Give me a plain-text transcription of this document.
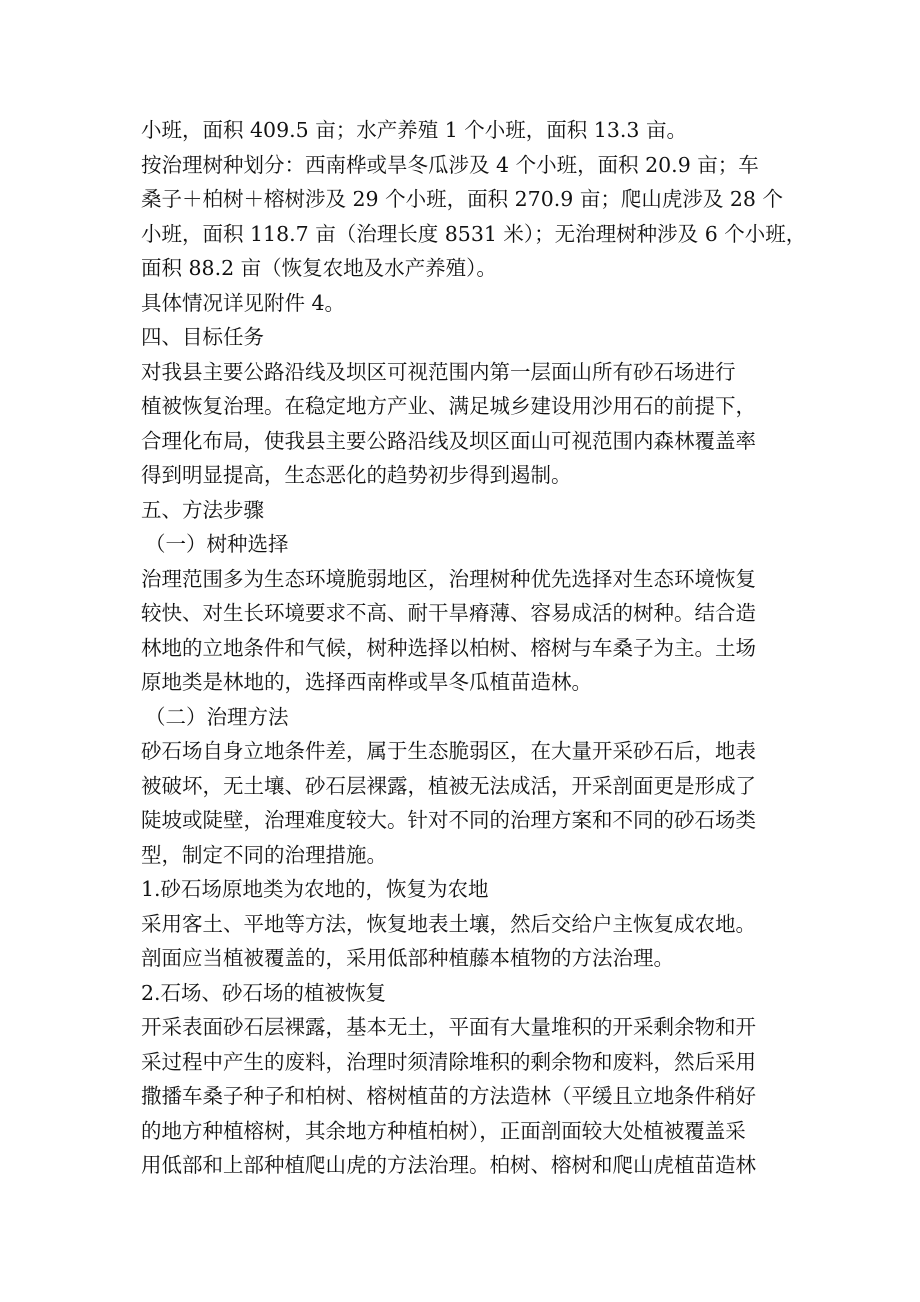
小班，面积 409.5 亩；水产养殖 1 个小班，面积 13.3 亩。
按治理树种划分：西南桦或旱冬瓜涉及 4 个小班，面积 20.9 亩；车
桑子＋柏树＋榕树涉及 29 个小班，面积 270.9 亩；爬山虎涉及 28 个
小班，面积 118.7 亩（治理长度 8531 米）；无治理树种涉及 6 个小班，
面积 88.2 亩（恢复农地及水产养殖）。
具体情况详见附件 4。
四、目标任务
对我县主要公路沿线及坝区可视范围内第一层面山所有砂石场进行
植被恢复治理。在稳定地方产业、满足城乡建设用沙用石的前提下，
合理化布局，使我县主要公路沿线及坝区面山可视范围内森林覆盖率
得到明显提高，生态恶化的趋势初步得到遏制。
五、方法步骤
（一）树种选择
治理范围多为生态环境脆弱地区，治理树种优先选择对生态环境恢复
较快、对生长环境要求不高、耐干旱瘠薄、容易成活的树种。结合造
林地的立地条件和气候，树种选择以柏树、榕树与车桑子为主。土场
原地类是林地的，选择西南桦或旱冬瓜植苗造林。
（二）治理方法
砂石场自身立地条件差，属于生态脆弱区，在大量开采砂石后，地表
被破坏，无土壤、砂石层裸露，植被无法成活，开采剖面更是形成了
陡坡或陡壁，治理难度较大。针对不同的治理方案和不同的砂石场类
型，制定不同的治理措施。
1.砂石场原地类为农地的，恢复为农地
采用客土、平地等方法，恢复地表土壤，然后交给户主恢复成农地。
剖面应当植被覆盖的，采用低部种植藤本植物的方法治理。
2.石场、砂石场的植被恢复
开采表面砂石层裸露，基本无土，平面有大量堆积的开采剩余物和开
采过程中产生的废料，治理时须清除堆积的剩余物和废料，然后采用
撒播车桑子种子和柏树、榕树植苗的方法造林（平缓且立地条件稍好
的地方种植榕树，其余地方种植柏树），正面剖面较大处植被覆盖采
用低部和上部种植爬山虎的方法治理。柏树、榕树和爬山虎植苗造林
